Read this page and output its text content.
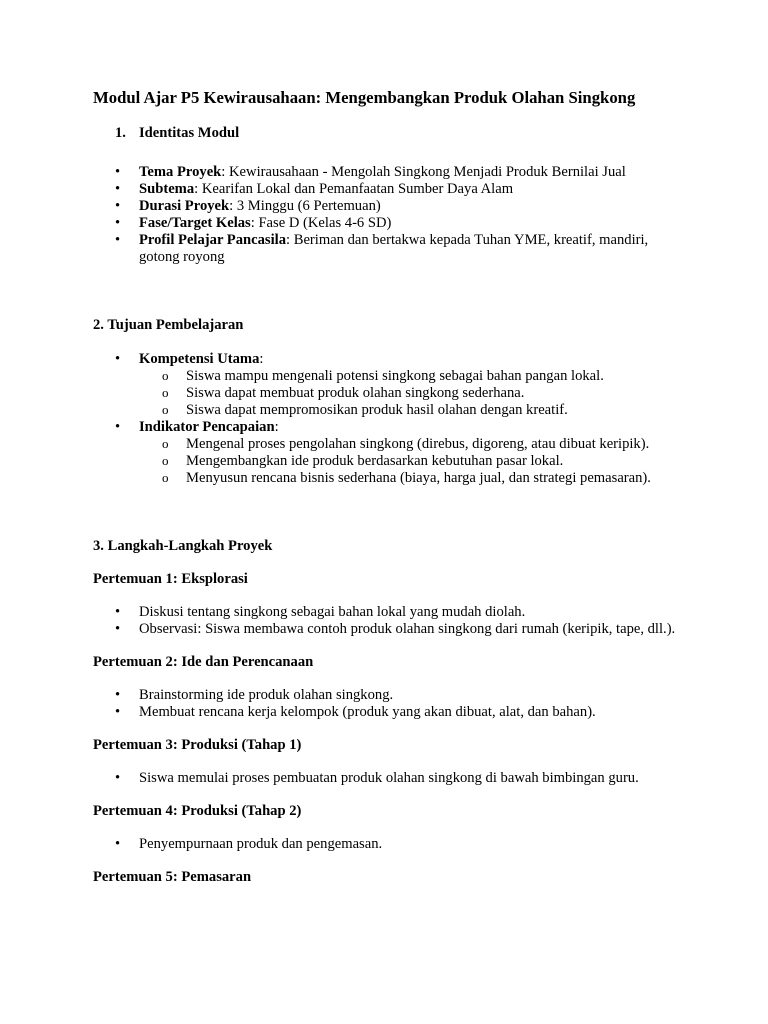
Modul Ajar P5 Kewirausahaan: Mengembangkan Produk Olahan Singkong
1. Identitas Modul
• Tema Proyek: Kewirausahaan - Mengolah Singkong Menjadi Produk Bernilai Jual
• Subtema: Kearifan Lokal dan Pemanfaatan Sumber Daya Alam
• Durasi Proyek: 3 Minggu (6 Pertemuan)
• Fase/Target Kelas: Fase D (Kelas 4-6 SD)
• Profil Pelajar Pancasila: Beriman dan bertakwa kepada Tuhan YME, kreatif, mandiri, gotong royong

2. Tujuan Pembelajaran

• Kompetensi Utama:
o Siswa mampu mengenali potensi singkong sebagai bahan pangan lokal.
o Siswa dapat membuat produk olahan singkong sederhana.
o Siswa dapat mempromosikan produk hasil olahan dengan kreatif.
• Indikator Pencapaian:
o Mengenal proses pengolahan singkong (direbus, digoreng, atau dibuat keripik).
o Mengembangkan ide produk berdasarkan kebutuhan pasar lokal.
o Menyusun rencana bisnis sederhana (biaya, harga jual, dan strategi pemasaran).

3. Langkah-Langkah Proyek

Pertemuan 1: Eksplorasi

• Diskusi tentang singkong sebagai bahan lokal yang mudah diolah.
• Observasi: Siswa membawa contoh produk olahan singkong dari rumah (keripik, tape, dll.).

Pertemuan 2: Ide dan Perencanaan

• Brainstorming ide produk olahan singkong.
• Membuat rencana kerja kelompok (produk yang akan dibuat, alat, dan bahan).

Pertemuan 3: Produksi (Tahap 1)

• Siswa memulai proses pembuatan produk olahan singkong di bawah bimbingan guru.

Pertemuan 4: Produksi (Tahap 2)

• Penyempurnaan produk dan pengemasan.

Pertemuan 5: Pemasaran
